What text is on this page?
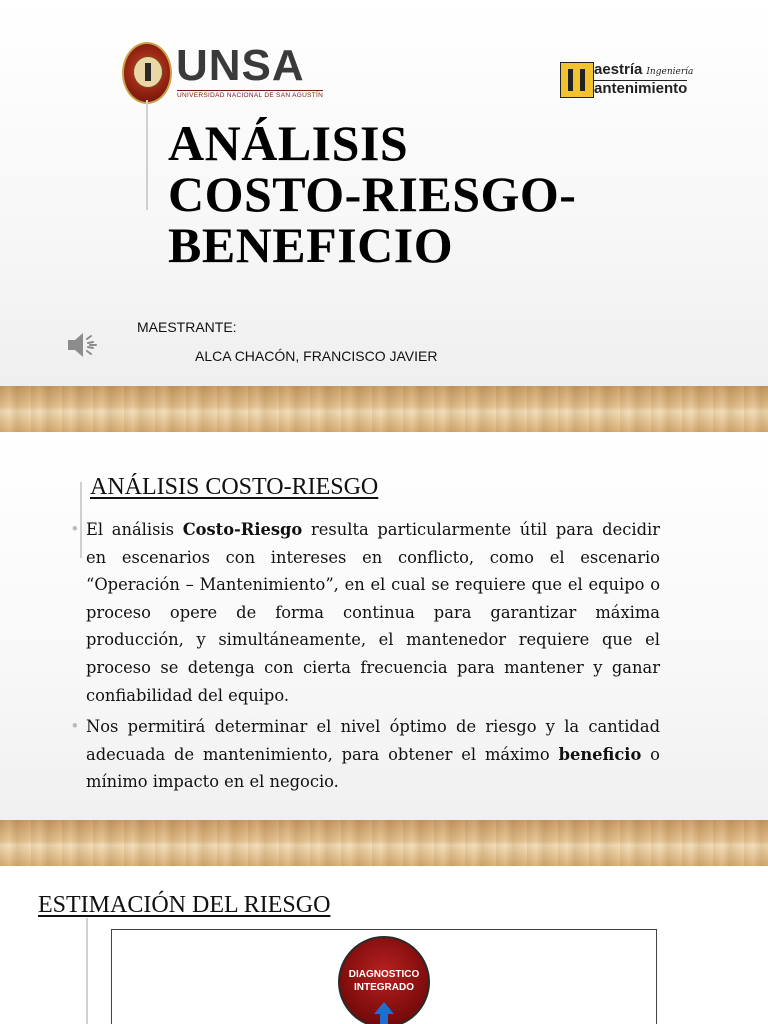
UNSA
UNIVERSIDAD NACIONAL DE SAN AGUSTÍN
aestría Ingeniería
antenimiento
ANÁLISIS
COSTO-RIESGO-
BENEFICIO
MAESTRANTE:
ALCA CHACÓN, FRANCISCO JAVIER
ANÁLISIS COSTO-RIESGO

• El análisis Costo-Riesgo resulta particularmente útil para decidir en escenarios con intereses en conflicto, como el escenario “Operación – Mantenimiento”, en el cual se requiere que el equipo o proceso opere de forma continua para garantizar máxima producción, y simultáneamente, el mantenedor requiere que el proceso se detenga con cierta frecuencia para mantener y ganar confiabilidad del equipo.

• Nos permitirá determinar el nivel óptimo de riesgo y la cantidad adecuada de mantenimiento, para obtener el máximo beneficio o mínimo impacto en el negocio.

ESTIMACIÓN DEL RIESGO
DIAGNOSTICO
INTEGRADO
